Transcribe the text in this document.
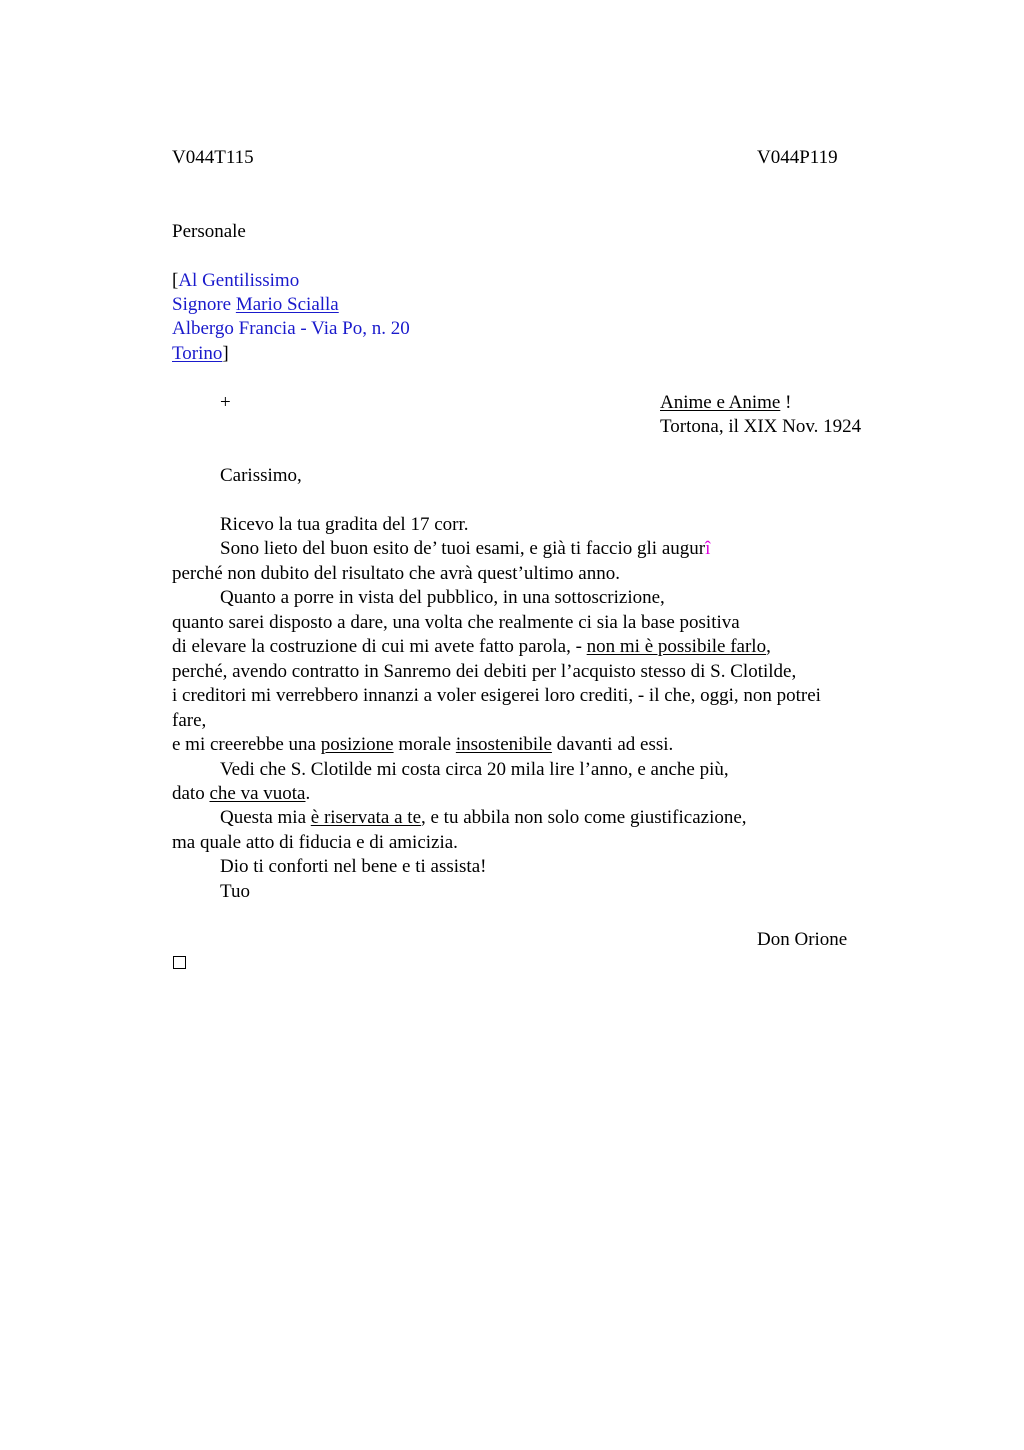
V044T115	V044P119
Personale
[Al Gentilissimo
Signore Mario Scialla
Albergo Francia - Via Po, n. 20
Torino]
+	Anime e Anime !
Tortona, il XIX Nov. 1924
Carissimo,
Ricevo la tua gradita del 17 corr.
Sono lieto del buon esito de’ tuoi esami, e già ti faccio gli augurî
perché non dubito del risultato che avrà quest’ultimo anno.
Quanto a porre in vista del pubblico, in una sottoscrizione,
quanto sarei disposto a dare, una volta che realmente ci sia la base positiva
di elevare la costruzione di cui mi avete fatto parola, - non mi è possibile farlo,
perché, avendo contratto in Sanremo dei debiti per l’acquisto stesso di S. Clotilde,
i creditori mi verrebbero innanzi a voler esigerei loro crediti, - il che, oggi, non potrei
fare,
e mi creerebbe una posizione morale insostenibile davanti ad essi.
Vedi che S. Clotilde mi costa circa 20 mila lire l’anno, e anche più,
dato che va vuota.
Questa mia è riservata a te, e tu abbila non solo come giustificazione,
ma quale atto di fiducia e di amicizia.
Dio ti conforti nel bene e ti assista!
Tuo
Don Orione
